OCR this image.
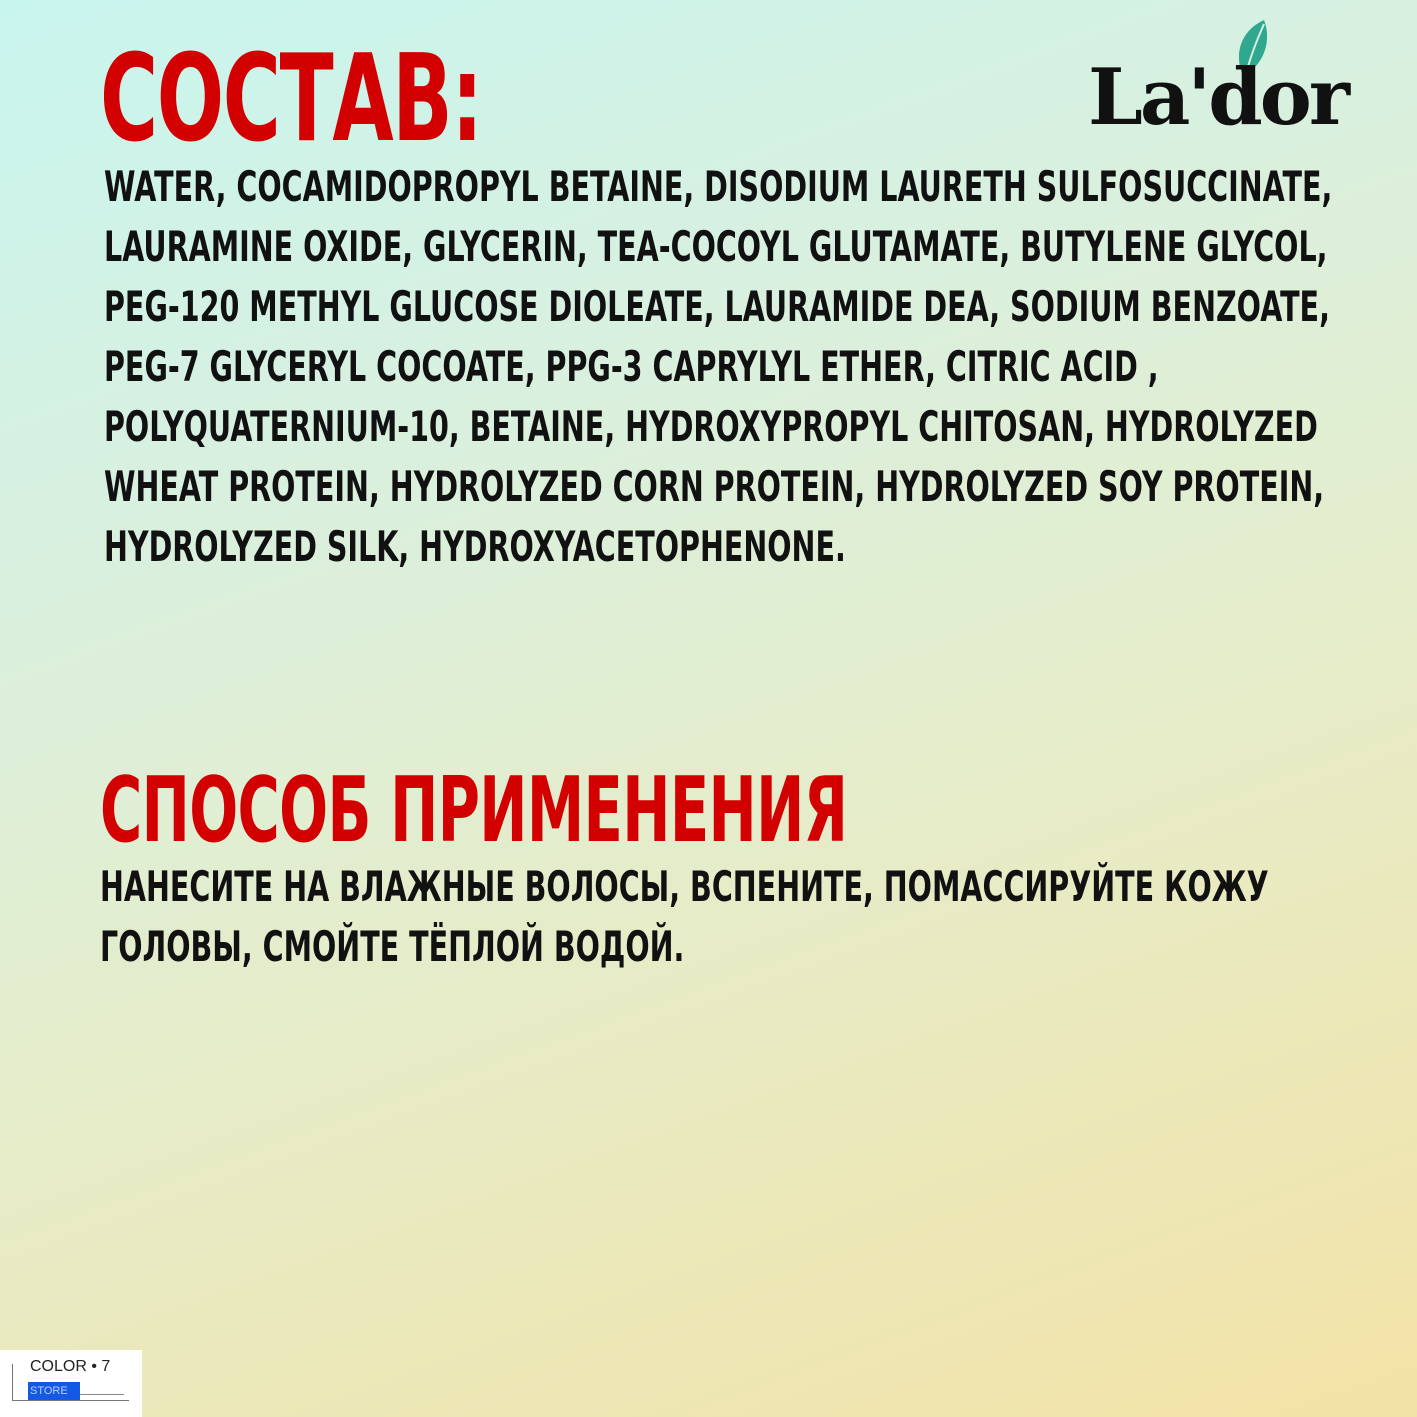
СОСТАВ:	La'dor
WATER, COCAMIDOPROPYL BETAINE, DISODIUM LAURETH SULFOSUCCINATE,
LAURAMINE OXIDE, GLYCERIN, TEA-COCOYL GLUTAMATE, BUTYLENE GLYCOL,
PEG-120 METHYL GLUCOSE DIOLEATE, LAURAMIDE DEA, SODIUM BENZOATE,
PEG-7 GLYCERYL COCOATE, PPG-3 CAPRYLYL ETHER, CITRIC ACID ,
POLYQUATERNIUM-10, BETAINE, HYDROXYPROPYL CHITOSAN, HYDROLYZED
WHEAT PROTEIN, HYDROLYZED CORN PROTEIN, HYDROLYZED SOY PROTEIN,
HYDROLYZED SILK, HYDROXYACETOPHENONE.
СПОСОБ ПРИМЕНЕНИЯ
НАНЕСИТЕ НА ВЛАЖНЫЕ ВОЛОСЫ, ВСПЕНИТЕ, ПОМАССИРУЙТЕ КОЖУ
ГОЛОВЫ, СМОЙТЕ ТЁПЛОЙ ВОДОЙ.
COLOR • 7
STORE
